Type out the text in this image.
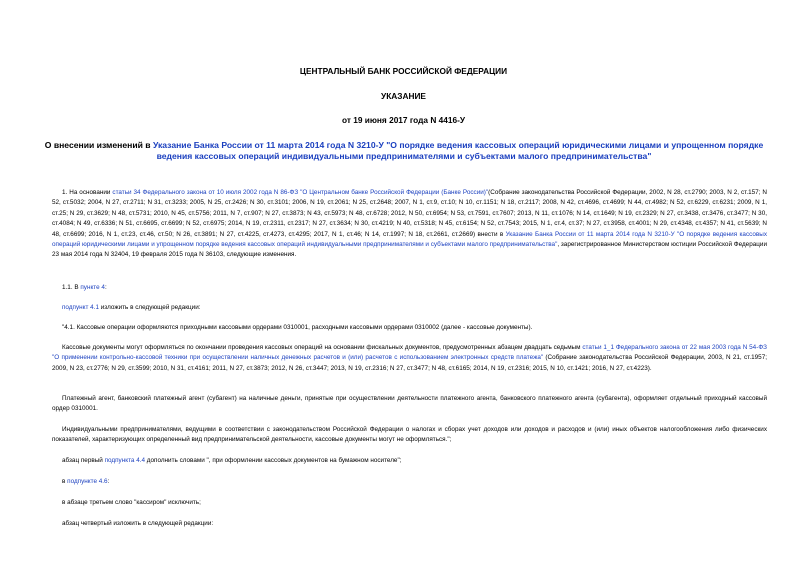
ЦЕНТРАЛЬНЫЙ БАНК РОССИЙСКОЙ ФЕДЕРАЦИИ
УКАЗАНИЕ
от 19 июня 2017 года N 4416-У
О внесении изменений в Указание Банка России от 11 марта 2014 года N 3210-У "О порядке ведения кассовых операций юридическими лицами и упрощенном порядке ведения кассовых операций индивидуальными предпринимателями и субъектами малого предпринимательства"
1. На основании статьи 34 Федерального закона от 10 июля 2002 года N 86-ФЗ "О Центральном банке Российской Федерации (Банке России)"(Собрание законодательства Российской Федерации, 2002, N 28, ст.2790; 2003, N 2, ст.157; N 52, ст.5032; 2004, N 27, ст.2711; N 31, ст.3233; 2005, N 25, ст.2426; N 30, ст.3101; 2006, N 19, ст.2061; N 25, ст.2648; 2007, N 1, ст.9, ст.10; N 10, ст.1151; N 18, ст.2117; 2008, N 42, ст.4696, ст.4699; N 44, ст.4982; N 52, ст.6229, ст.6231; 2009, N 1, ст.25; N 29, ст.3629; N 48, ст.5731; 2010, N 45, ст.5756; 2011, N 7, ст.907; N 27, ст.3873; N 43, ст.5973; N 48, ст.6728; 2012, N 50, ст.6954; N 53, ст.7591, ст.7607; 2013, N 11, ст.1076; N 14, ст.1649; N 19, ст.2329; N 27, ст.3438, ст.3476, ст.3477; N 30, ст.4084; N 49, ст.6336; N 51, ст.6695, ст.6699; N 52, ст.6975; 2014, N 19, ст.2311, ст.2317; N 27, ст.3634; N 30, ст.4219; N 40, ст.5318; N 45, ст.6154; N 52, ст.7543; 2015, N 1, ст.4, ст.37; N 27, ст.3958, ст.4001; N 29, ст.4348, ст.4357; N 41, ст.5639; N 48, ст.6699; 2016, N 1, ст.23, ст.46, ст.50; N 26, ст.3891; N 27, ст.4225, ст.4273, ст.4295; 2017, N 1, ст.46; N 14, ст.1997; N 18, ст.2661, ст.2669) внести в Указание Банка России от 11 марта 2014 года N 3210-У "О порядке ведения кассовых операций юридическими лицами и упрощенном порядке ведения кассовых операций индивидуальными предпринимателями и субъектами малого предпринимательства", зарегистрированное Министерством юстиции Российской Федерации 23 мая 2014 года N 32404, 19 февраля 2015 года N 36103, следующие изменения.
1.1. В пункте 4:
подпункт 4.1 изложить в следующей редакции:
"4.1. Кассовые операции оформляются приходными кассовыми ордерами 0310001, расходными кассовыми ордерами 0310002 (далее - кассовые документы).
Кассовые документы могут оформляться по окончании проведения кассовых операций на основании фискальных документов, предусмотренных абзацем двадцать седьмым статьи 1_1 Федерального закона от 22 мая 2003 года N 54-ФЗ "О применении контрольно-кассовой техники при осуществлении наличных денежных расчетов и (или) расчетов с использованием электронных средств платежа" (Собрание законодательства Российской Федерации, 2003, N 21, ст.1957; 2009, N 23, ст.2776; N 29, ст.3599; 2010, N 31, ст.4161; 2011, N 27, ст.3873; 2012, N 26, ст.3447; 2013, N 19, ст.2316; N 27, ст.3477; N 48, ст.6165; 2014, N 19, ст.2316; 2015, N 10, ст.1421; 2016, N 27, ст.4223).
Платежный агент, банковский платежный агент (субагент) на наличные деньги, принятые при осуществлении деятельности платежного агента, банковского платежного агента (субагента), оформляет отдельный приходный кассовый ордер 0310001.
Индивидуальными предпринимателями, ведущими в соответствии с законодательством Российской Федерации о налогах и сборах учет доходов или доходов и расходов и (или) иных объектов налогообложения либо физических показателей, характеризующих определенный вид предпринимательской деятельности, кассовые документы могут не оформляться.";
абзац первый подпункта 4.4 дополнить словами ", при оформлении кассовых документов на бумажном носителе";
в подпункте 4.6:
в абзаце третьем слово "кассиром" исключить;
абзац четвертый изложить в следующей редакции:
